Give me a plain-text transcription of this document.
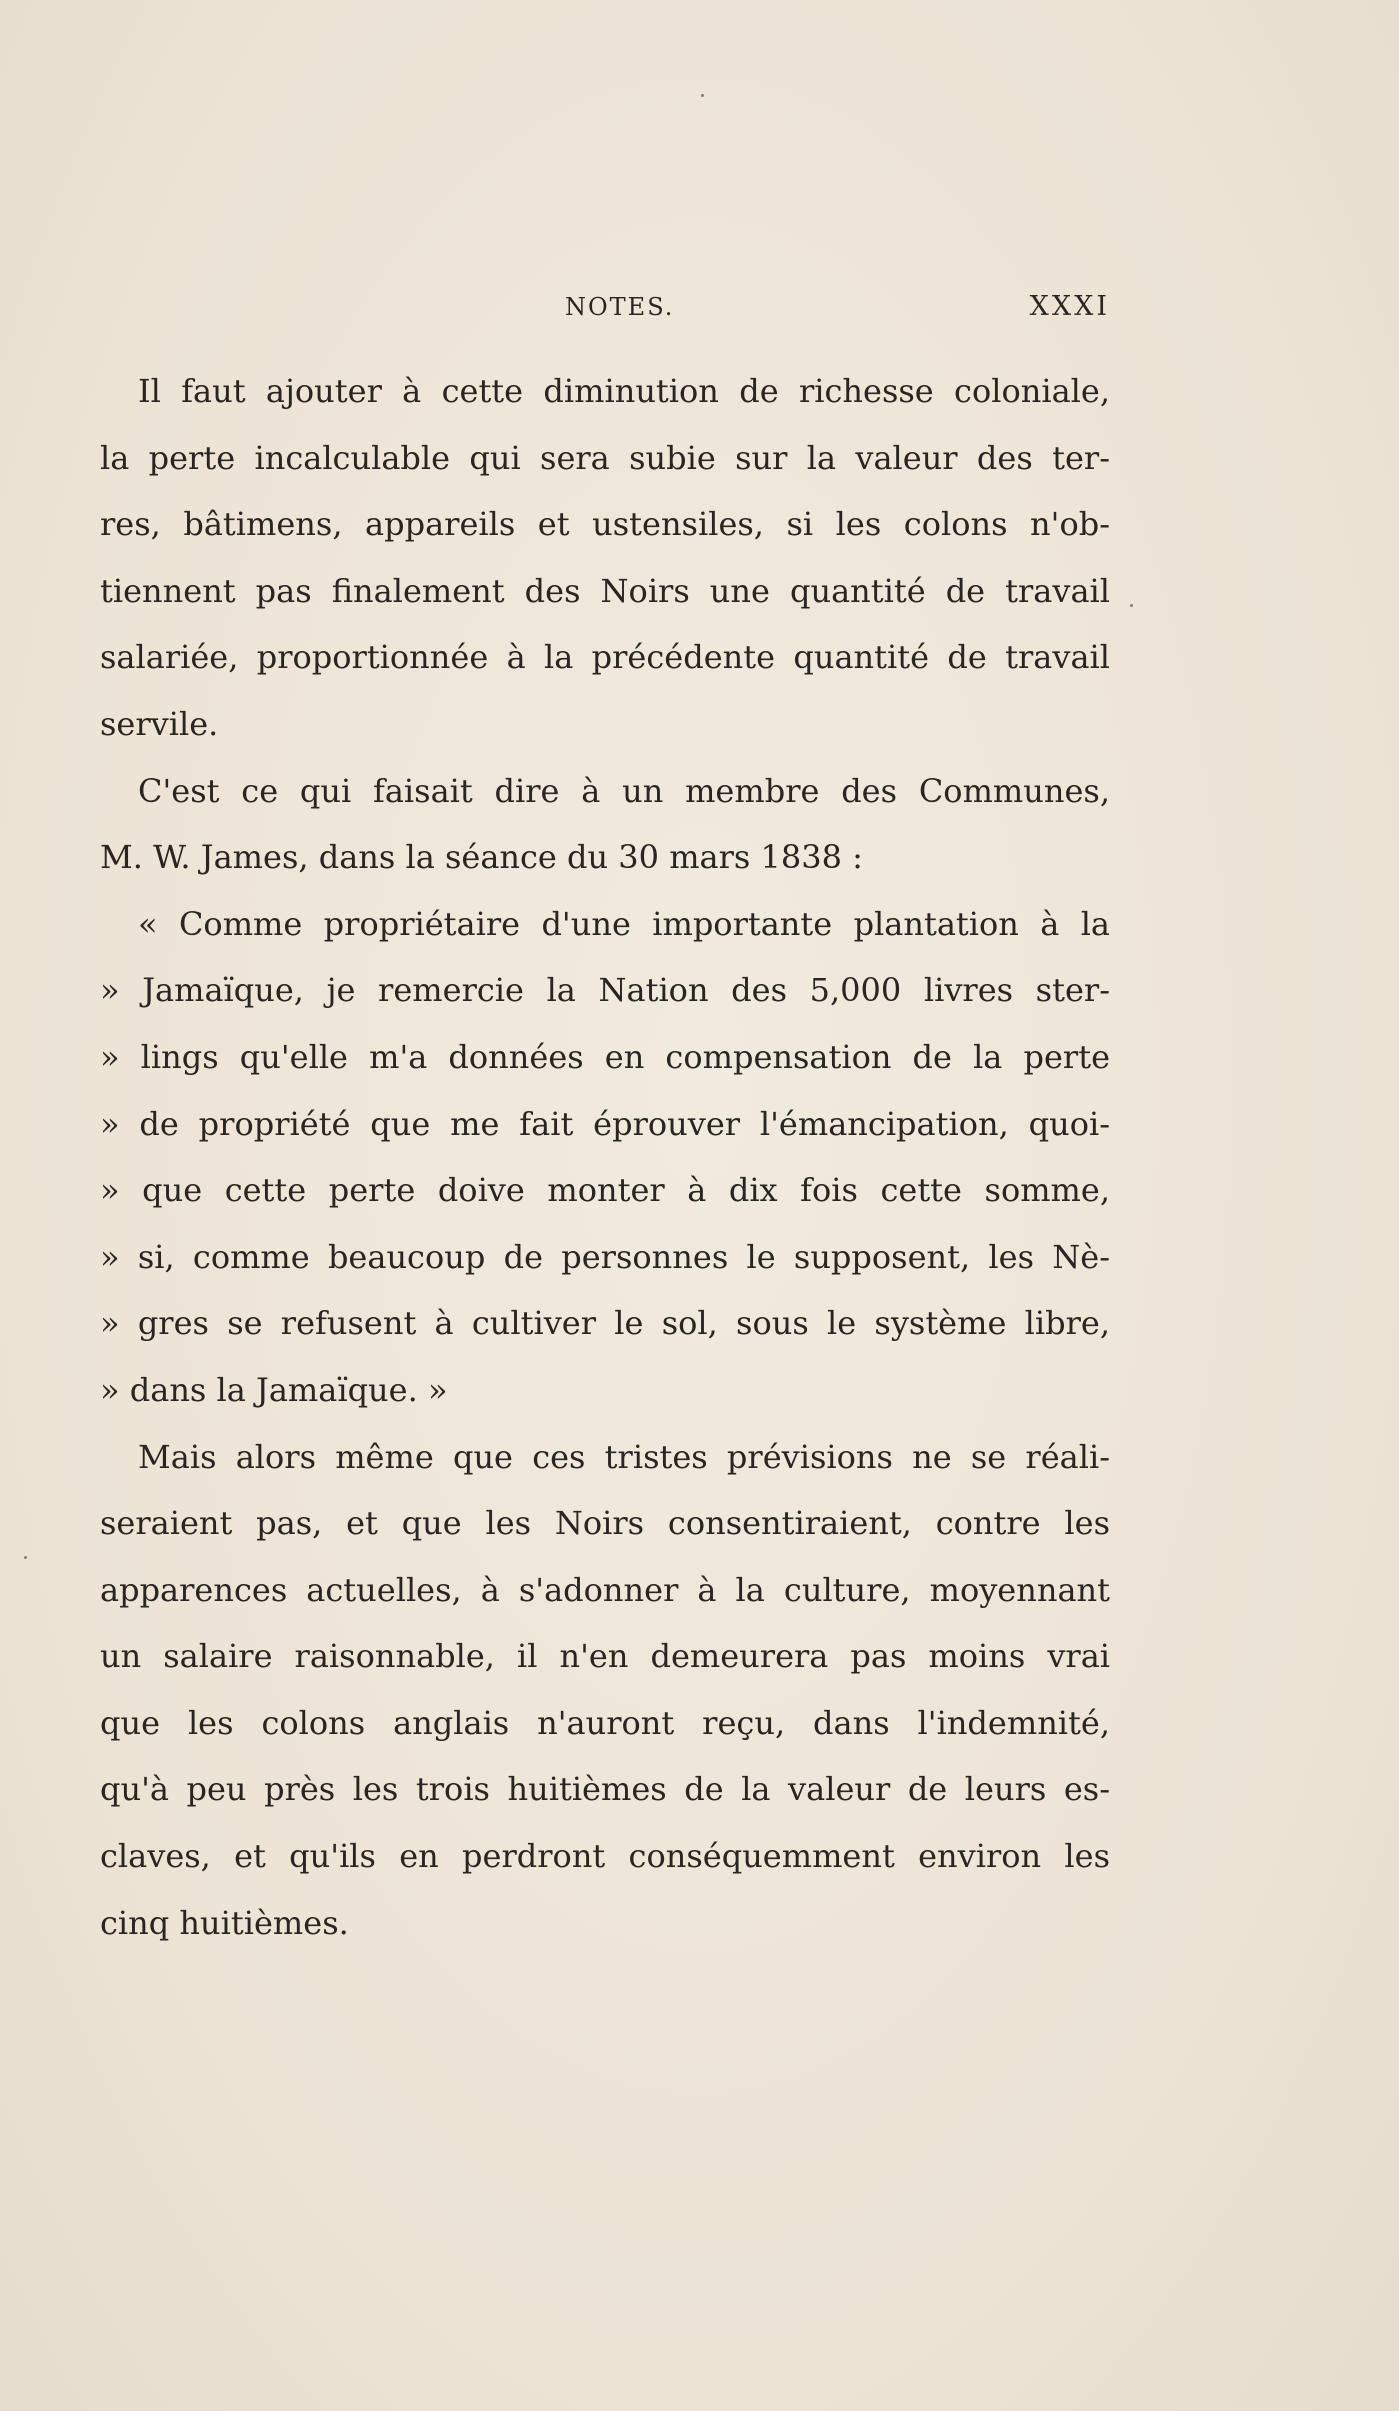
NOTES.	XXXI
Il faut ajouter à cette diminution de richesse coloniale,
la perte incalculable qui sera subie sur la valeur des ter-
res, bâtimens, appareils et ustensiles, si les colons n'ob-
tiennent pas finalement des Noirs une quantité de travail
salariée, proportionnée à la précédente quantité de travail
servile.
C'est ce qui faisait dire à un membre des Communes,
M. W. James, dans la séance du 30 mars 1838 :
« Comme propriétaire d'une importante plantation à la
» Jamaïque, je remercie la Nation des 5,000 livres ster-
» lings qu'elle m'a données en compensation de la perte
» de propriété que me fait éprouver l'émancipation, quoi-
» que cette perte doive monter à dix fois cette somme,
» si, comme beaucoup de personnes le supposent, les Nè-
» gres se refusent à cultiver le sol, sous le système libre,
» dans la Jamaïque. »
Mais alors même que ces tristes prévisions ne se réali-
seraient pas, et que les Noirs consentiraient, contre les
apparences actuelles, à s'adonner à la culture, moyennant
un salaire raisonnable, il n'en demeurera pas moins vrai
que les colons anglais n'auront reçu, dans l'indemnité,
qu'à peu près les trois huitièmes de la valeur de leurs es-
claves, et qu'ils en perdront conséquemment environ les
cinq huitièmes.
